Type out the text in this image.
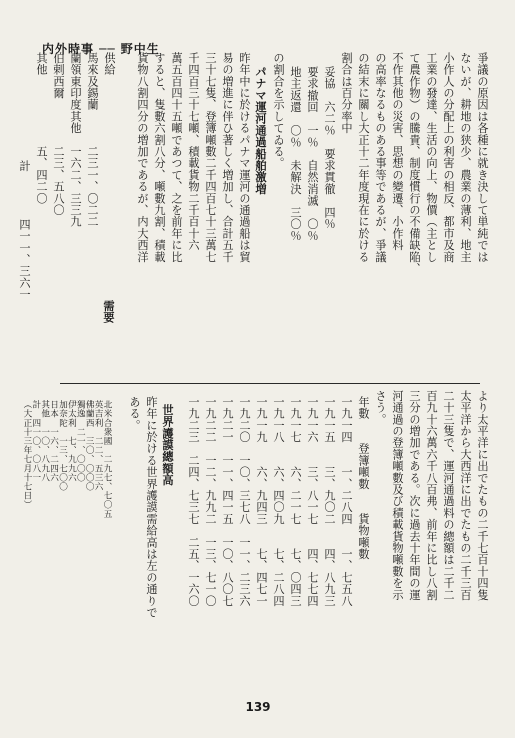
内外時事 ── 野中生
爭議の原因は各種に就き決して単純では
ないが、耕地の狭少、農業の薄利、地主
小作人の分配上の利害の相反、都市及商
工業の發達、生活の向上、物價（主とし
て農作物）の騰貴、制度慣行の不備缺陥、
不作其他の災害、思想の變遷、小作料
の高率なるものある事等であるが、爭議
の結末に關し大正十二年度現在に於ける
割合は百分率中
妥協　六二％　要求貫徹　四％
要求撤回　一％　自然消滅　〇％
地主返還　〇％　未解決　三〇％
の割合を示してゐる。
パナマ運河通過船舶激増
昨年中に於けるパナマ運河の通過船は貿
易の増進に伴ひ著しく増加し、合計五千
三十七隻、登簿噸數二千四百七十三萬七
千四百三十七噸、積載貨物二千百十六
萬五百四十五噸であつて、之を前年に比
すると、隻數六割八分、噸數九割、積載
貨物八割四分の増加であるが、内大西洋
より太平洋に出でたもの二千七百十四隻
太平洋から大西洋に出でたもの二千三百
二十三隻で、運河通過料の總額は二千二
百九十六萬六千八百弗、前年に比し八割
三分の増加である。次に過去十年間の運
河通過の登簿噸數及び積載貨物噸數を示
さう。
年數　　登簿噸數　　貨物噸數
一九一四　　一、二八四　　一、七五八
一九一五　　三、九〇二　　四、八九三
一九一六　　三、八一七　　四、七七四
一九一七　　六、二一七　　七、〇四三
一九一八　　六、四〇九　　七、二八四
一九一九　　六、九四三　　七、四七一
一九二〇　一〇、三七八　一一、二三六
一九二一　一一、四一五　一〇、八〇七
一九二二　一二、九九二　一三、七一〇
一九二三　二四、七三七　二五、一六〇
世界護謨總額高
昨年に於ける世界護謨需給高は左の通りで
ある。
供給
馬來及錫蘭　　　二三一、〇二二
蘭領東印度其他　一六二、三三九
伯剌西爾　　　　二三、五八〇
其他　　　　　　五、四二〇
計　　　　四一一、三六一
需要
北米合衆國　二九七、七〇五
英吉利　二二、五三六
佛蘭西　三〇、〇〇〇
獨逸　二一、〇〇〇
伊太利　七、九九六
加奈陀　一三、七〇〇
日本　一六、二四六
其他　一〇、八九八
計　四一〇、〇八一
（大正十三年七月十七日）
139
